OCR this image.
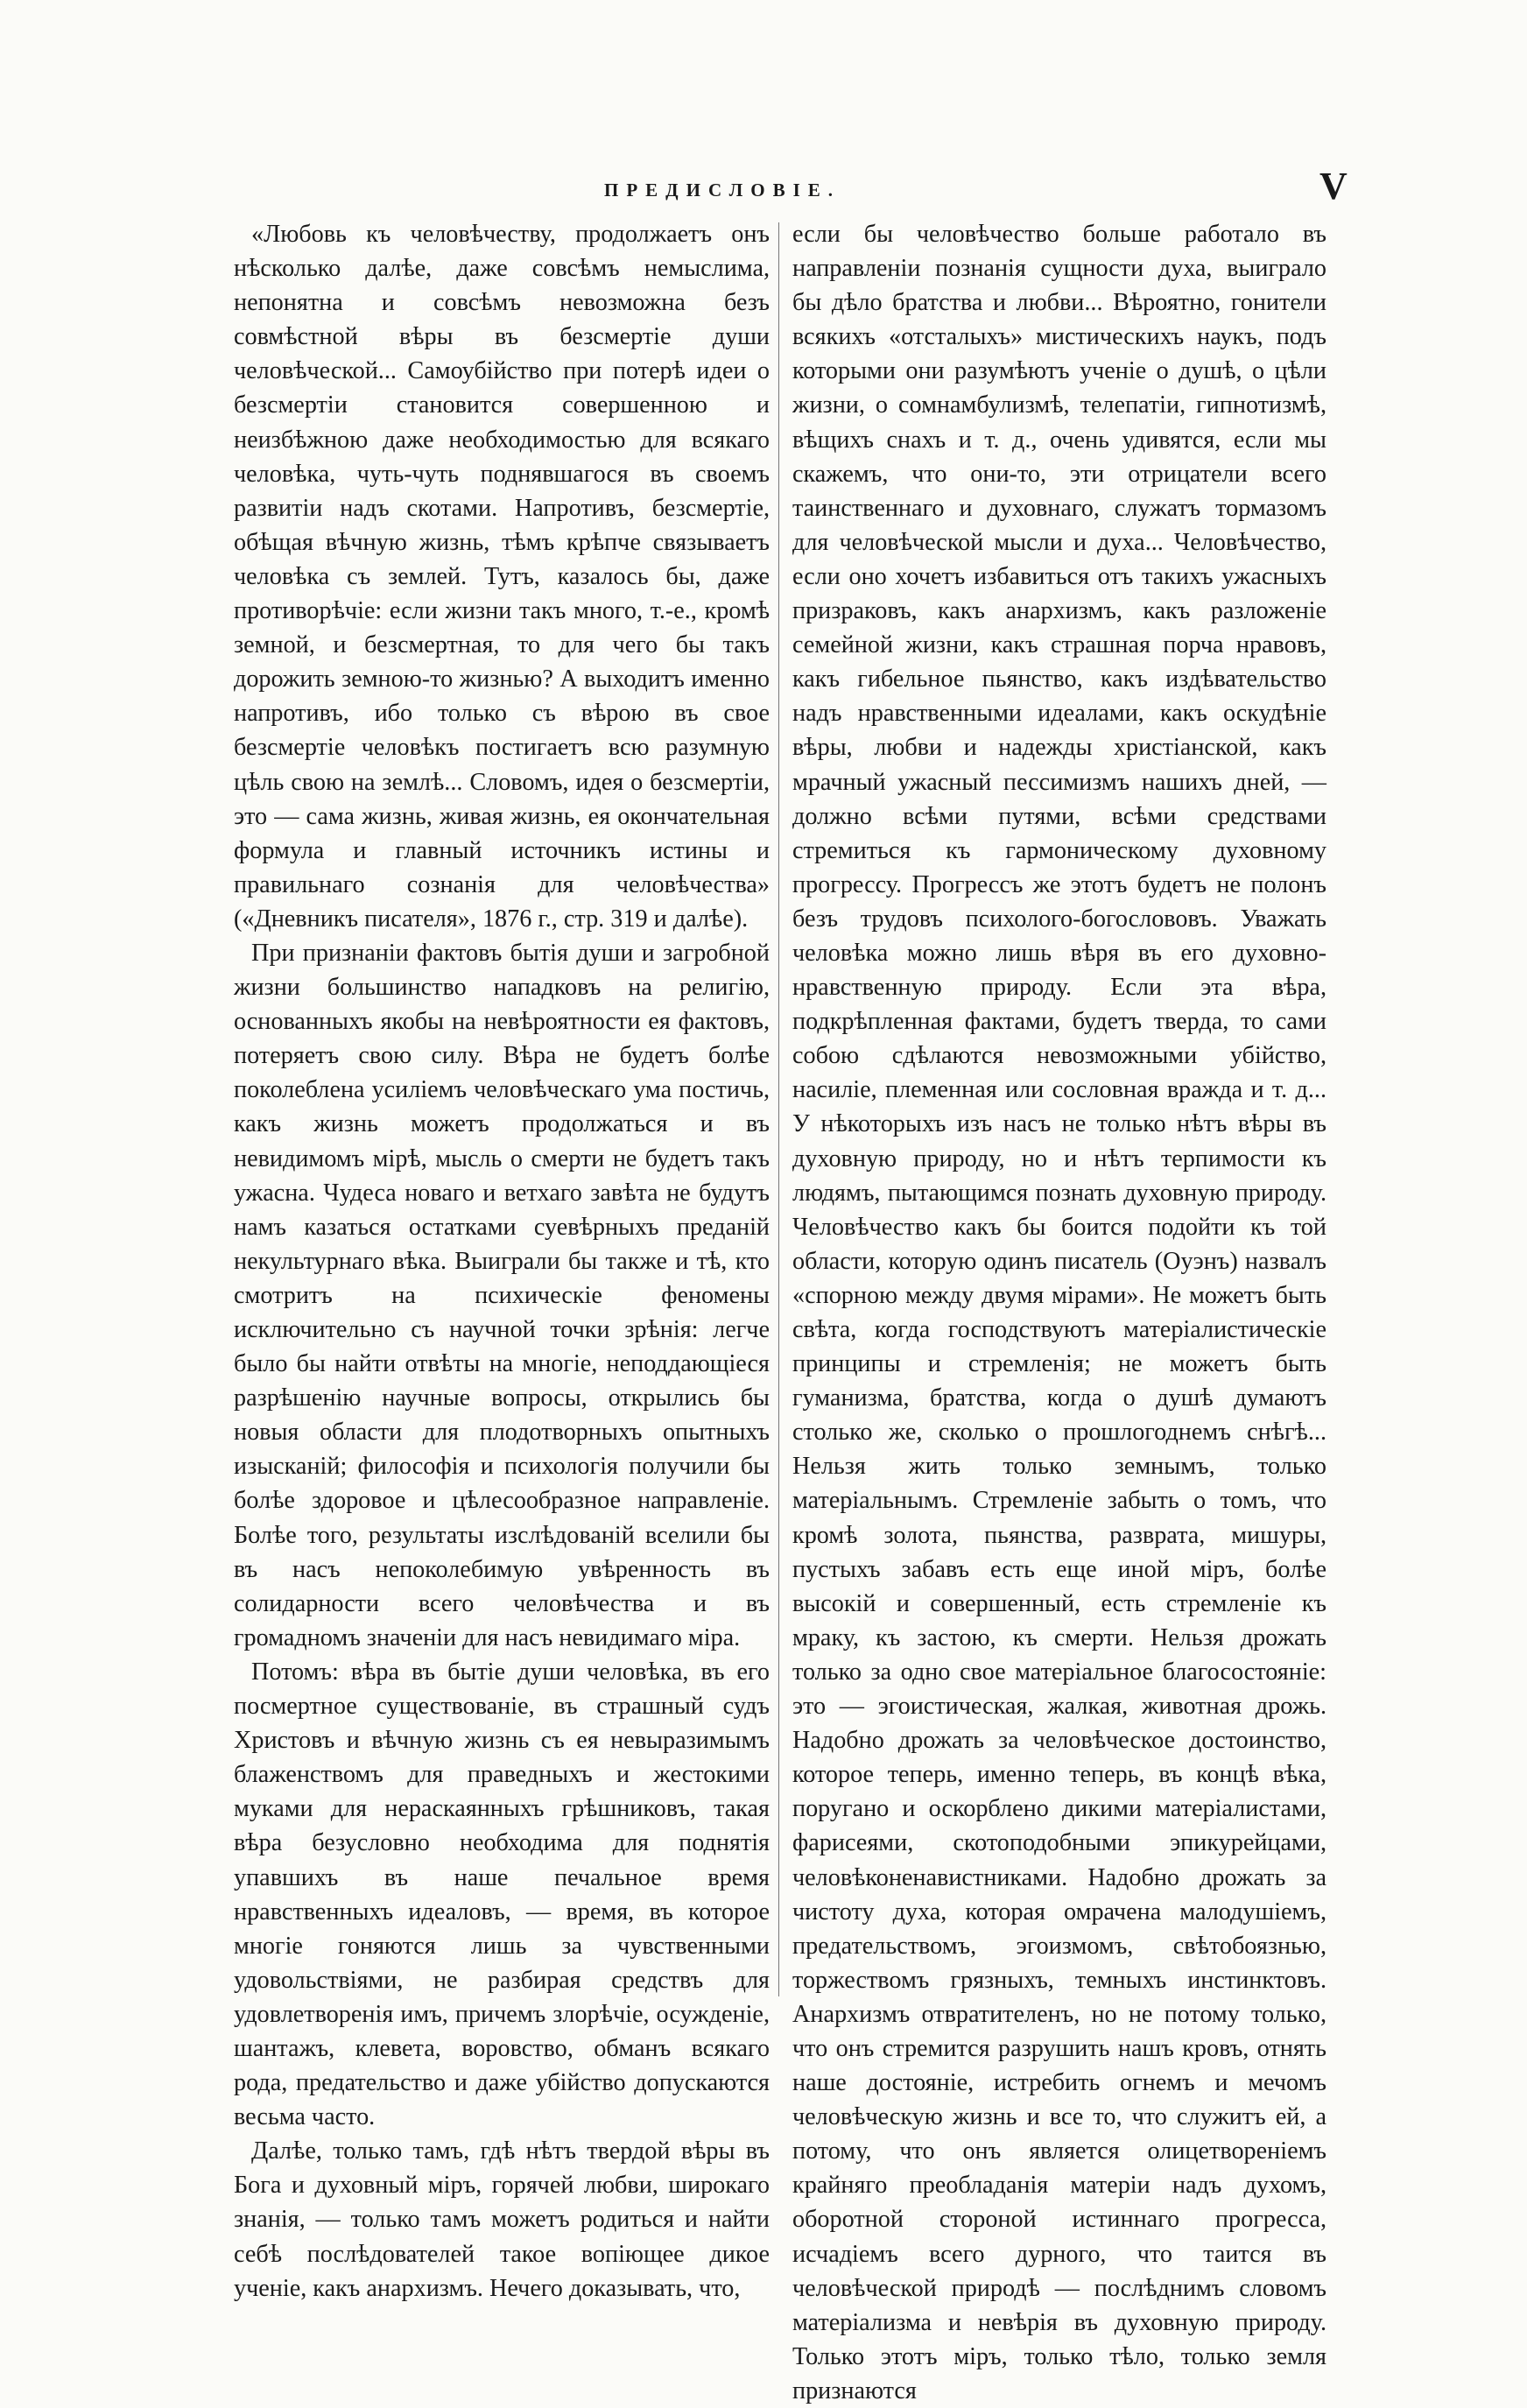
ПРЕДИСЛОВІЕ.	V

«Любовь къ человѣчеству, продолжаетъ онъ нѣсколько далѣе, даже совсѣмъ немыслима, непонятна и совсѣмъ невозможна безъ совмѣстной вѣры въ безсмертіе души человѣческой... Самоубійство при потерѣ идеи о безсмертіи становится совершенною и неизбѣжною даже необходимостью для всякаго человѣка, чуть-чуть поднявшагося въ своемъ развитіи надъ скотами. Напротивъ, безсмертіе, обѣщая вѣчную жизнь, тѣмъ крѣпче связываетъ человѣка съ землей. Тутъ, казалось бы, даже противорѣчіе: если жизни такъ много, т.-е., кромѣ земной, и безсмертная, то для чего бы такъ дорожить земною-то жизнью? А выходитъ именно напротивъ, ибо только съ вѣрою въ свое безсмертіе человѣкъ постигаетъ всю разумную цѣль свою на землѣ... Словомъ, идея о безсмертіи, это — сама жизнь, живая жизнь, ея окончательная формула и главный источникъ истины и правильнаго сознанія для человѣчества» («Дневникъ писателя», 1876 г., стр. 319 и далѣе).

При признаніи фактовъ бытія души и загробной жизни большинство нападковъ на религію, основанныхъ якобы на невѣроятности ея фактовъ, потеряетъ свою силу. Вѣра не будетъ болѣе поколеблена усиліемъ человѣческаго ума постичь, какъ жизнь можетъ продолжаться и въ невидимомъ мірѣ, мысль о смерти не будетъ такъ ужасна. Чудеса новаго и ветхаго завѣта не будутъ намъ казаться остатками суевѣрныхъ преданій некультурнаго вѣка. Выиграли бы также и тѣ, кто смотритъ на психическіе феномены исключительно съ научной точки зрѣнія: легче было бы найти отвѣты на многіе, неподдающіеся разрѣшенію научные вопросы, открылись бы новыя области для плодотворныхъ опытныхъ изысканій; философія и психологія получили бы болѣе здоровое и цѣлесообразное направленіе. Болѣе того, результаты изслѣдованій вселили бы въ насъ непоколебимую увѣренность въ солидарности всего человѣчества и въ громадномъ значеніи для насъ невидимаго міра.

Потомъ: вѣра въ бытіе души человѣка, въ его посмертное существованіе, въ страшный судъ Христовъ и вѣчную жизнь съ ея невыразимымъ блаженствомъ для праведныхъ и жестокими муками для нераскаянныхъ грѣшниковъ, такая вѣра безусловно необходима для поднятія упавшихъ въ наше печальное время нравственныхъ идеаловъ, — время, въ которое многіе гоняются лишь за чувственными удовольствіями, не разбирая средствъ для удовлетворенія имъ, причемъ злорѣчіе, осужденіе, шантажъ, клевета, воровство, обманъ всякаго рода, предательство и даже убійство допускаются весьма часто.

Далѣе, только тамъ, гдѣ нѣтъ твердой вѣры въ Бога и духовный міръ, горячей любви, широкаго знанія, — только тамъ можетъ родиться и найти себѣ послѣдователей такое вопіющее дикое ученіе, какъ анархизмъ. Нечего доказывать, что,

если бы человѣчество больше работало въ направленіи познанія сущности духа, выиграло бы дѣло братства и любви... Вѣроятно, гонители всякихъ «отсталыхъ» мистическихъ наукъ, подъ которыми они разумѣютъ ученіе о душѣ, о цѣли жизни, о сомнамбулизмѣ, телепатіи, гипнотизмѣ, вѣщихъ снахъ и т. д., очень удивятся, если мы скажемъ, что они-то, эти отрицатели всего таинственнаго и духовнаго, служатъ тормазомъ для человѣческой мысли и духа... Человѣчество, если оно хочетъ избавиться отъ такихъ ужасныхъ призраковъ, какъ анархизмъ, какъ разложеніе семейной жизни, какъ страшная порча нравовъ, какъ гибельное пьянство, какъ издѣвательство надъ нравственными идеалами, какъ оскудѣніе вѣры, любви и надежды христіанской, какъ мрачный ужасный пессимизмъ нашихъ дней, — должно всѣми путями, всѣми средствами стремиться къ гармоническому духовному прогрессу. Прогрессъ же этотъ будетъ не полонъ безъ трудовъ психолого-богослововъ. Уважать человѣка можно лишь вѣря въ его духовно-нравственную природу. Если эта вѣра, подкрѣпленная фактами, будетъ тверда, то сами собою сдѣлаются невозможными убійство, насиліе, племенная или сословная вражда и т. д... У нѣкоторыхъ изъ насъ не только нѣтъ вѣры въ духовную природу, но и нѣтъ терпимости къ людямъ, пытающимся познать духовную природу. Человѣчество какъ бы боится подойти къ той области, которую одинъ писатель (Оуэнъ) назвалъ «спорною между двумя мірами». Не можетъ быть свѣта, когда господствуютъ матеріалистическіе принципы и стремленія; не можетъ быть гуманизма, братства, когда о душѣ думаютъ столько же, сколько о прошлогоднемъ снѣгѣ... Нельзя жить только земнымъ, только матеріальнымъ. Стремленіе забыть о томъ, что кромѣ золота, пьянства, разврата, мишуры, пустыхъ забавъ есть еще иной міръ, болѣе высокій и совершенный, есть стремленіе къ мраку, къ застою, къ смерти. Нельзя дрожать только за одно свое матеріальное благосостояніе: это — эгоистическая, жалкая, животная дрожь. Надобно дрожать за человѣческое достоинство, которое теперь, именно теперь, въ концѣ вѣка, поругано и оскорблено дикими матеріалистами, фарисеями, скотоподобными эпикурейцами, человѣконенавистниками. Надобно дрожать за чистоту духа, которая омрачена малодушіемъ, предательствомъ, эгоизмомъ, свѣтобоязнью, торжествомъ грязныхъ, темныхъ инстинктовъ. Анархизмъ отвратителенъ, но не потому только, что онъ стремится разрушить нашъ кровъ, отнять наше достояніе, истребить огнемъ и мечомъ человѣческую жизнь и все то, что служитъ ей, а потому, что онъ является олицетвореніемъ крайняго преобладанія матеріи надъ духомъ, оборотной стороной истиннаго прогресса, исчадіемъ всего дурного, что таится въ человѣческой природѣ — послѣднимъ словомъ матеріализма и невѣрія въ духовную природу. Только этотъ міръ, только тѣло, только земля признаются
